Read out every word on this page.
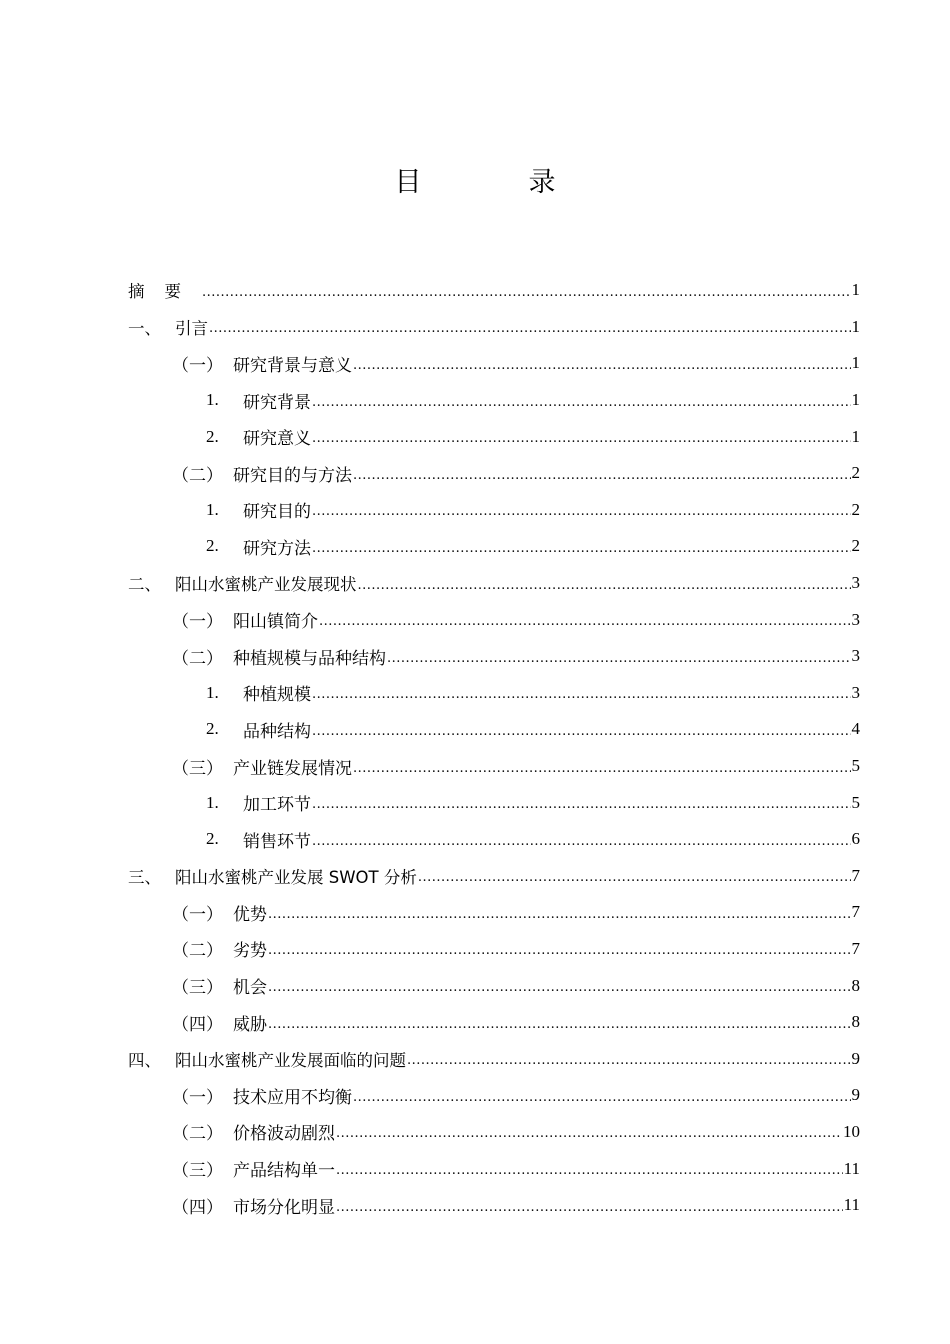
目　录
摘要 .....	1
一、 引言 .....	1
（一） 研究背景与意义 .....	1
1.	研究背景 .....	1
2.	研究意义 .....	1
（二） 研究目的与方法 .....	2
1.	研究目的 .....	2
2.	研究方法 .....	2
二、 阳山水蜜桃产业发展现状 .....	3
（一） 阳山镇简介 .....	3
（二） 种植规模与品种结构 .....	3
1.	种植规模 .....	3
2.	品种结构 .....	4
（三） 产业链发展情况 .....	5
1.	加工环节 .....	5
2.	销售环节 .....	6
三、 阳山水蜜桃产业发展 SWOT 分析 .....	7
（一） 优势 .....	7
（二） 劣势 .....	7
（三） 机会 .....	8
（四） 威胁 .....	8
四、 阳山水蜜桃产业发展面临的问题 .....	9
（一） 技术应用不均衡 .....	9
（二） 价格波动剧烈 .....	10
（三） 产品结构单一 .....	11
（四） 市场分化明显 .....	11
